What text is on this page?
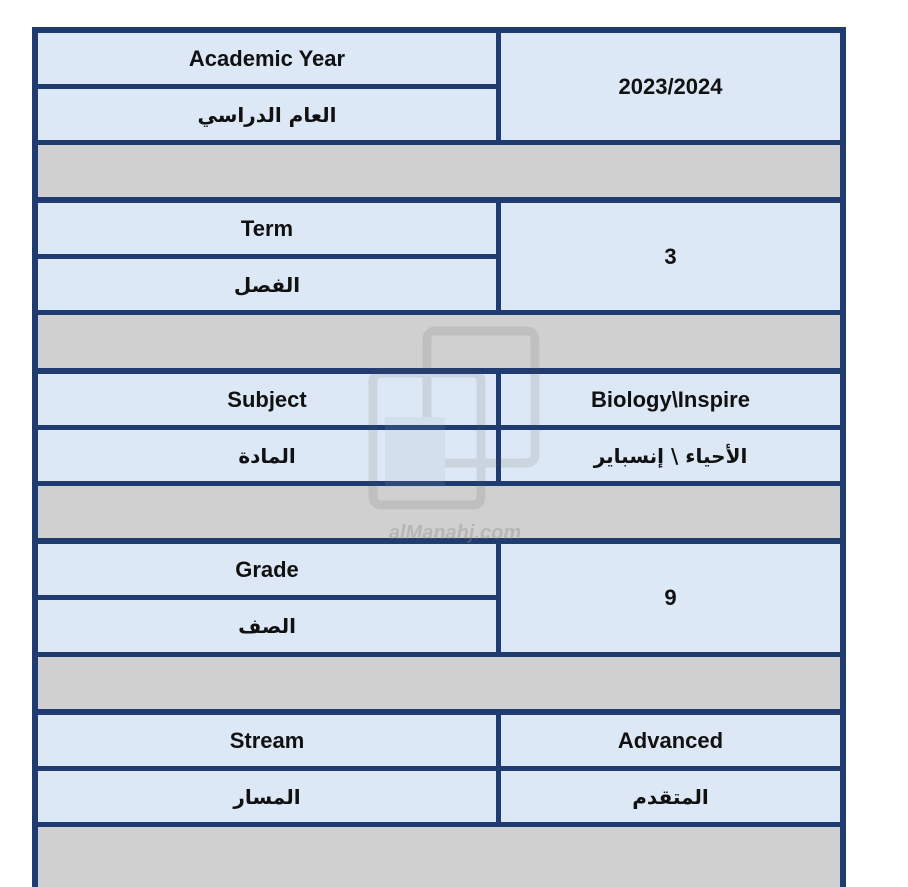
Academic Year
العام الدراسي
2023/2024
Term
الفصل
3
Subject
المادة
Biology\Inspire
الأحياء \ إنسباير
Grade
الصف
9
Stream
المسار
Advanced
المتقدم
alManahj.com
